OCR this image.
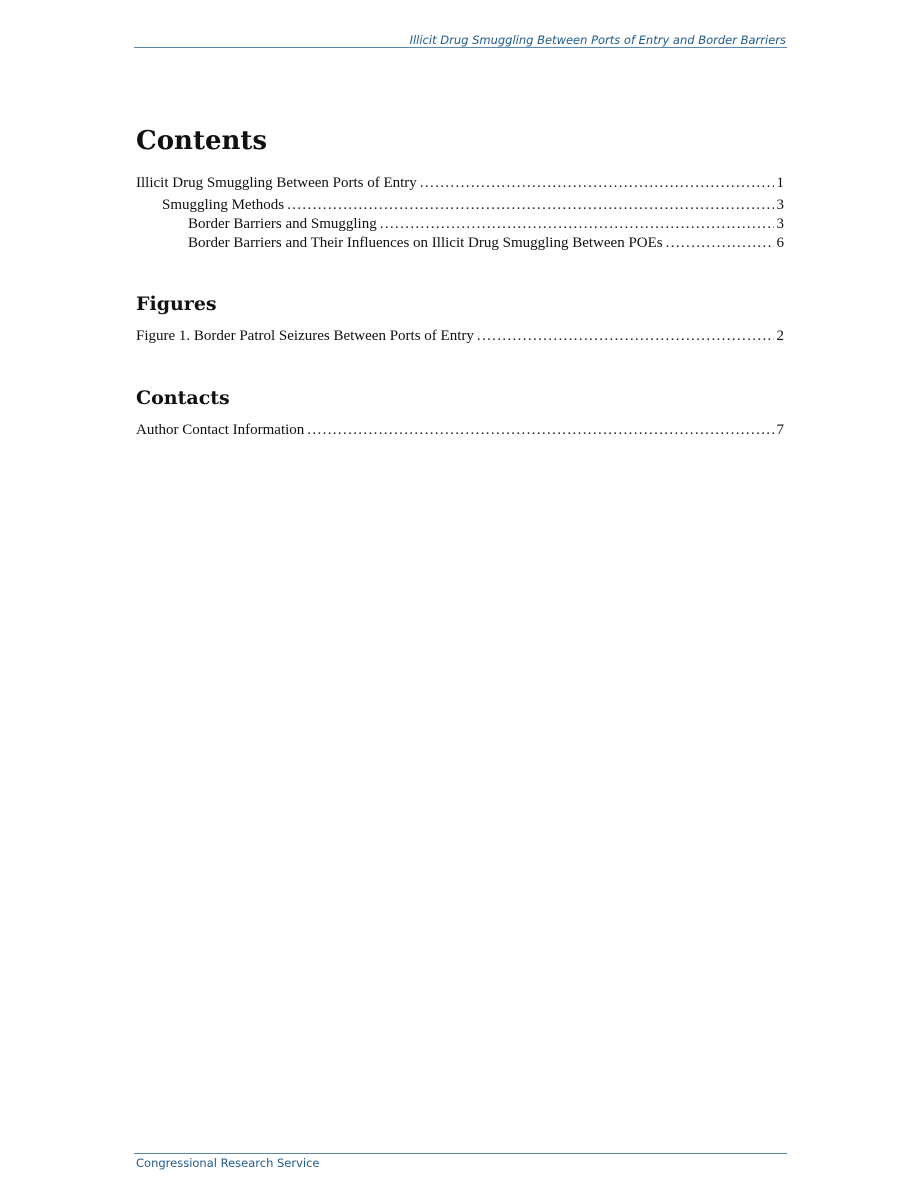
Illicit Drug Smuggling Between Ports of Entry and Border Barriers
Contents
Illicit Drug Smuggling Between Ports of Entry . . .	1
Smuggling Methods . . .	3
Border Barriers and Smuggling . . .	3
Border Barriers and Their Influences on Illicit Drug Smuggling Between POEs . . .	6
Figures
Figure 1. Border Patrol Seizures Between Ports of Entry . . .	2
Contacts
Author Contact Information . . .	7
Congressional Research Service
